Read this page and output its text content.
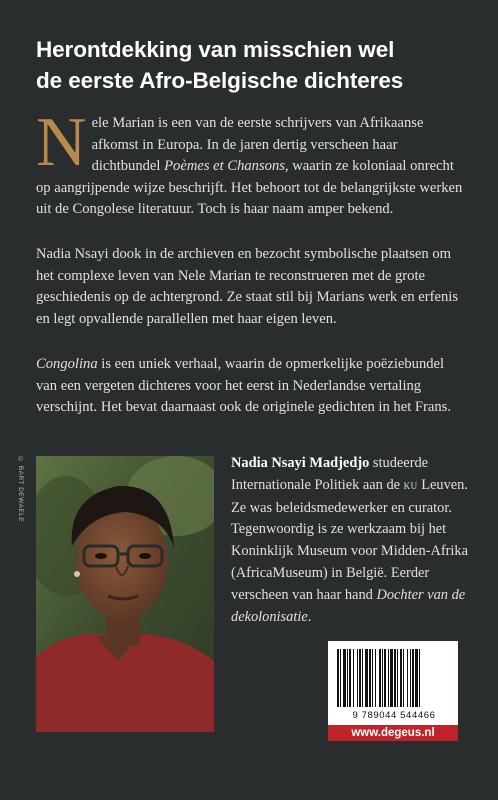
Herontdekking van misschien wel
de eerste Afro-Belgische dichteres
Nele Marian is een van de eerste schrijvers van Afrikaanse afkomst in Europa. In de jaren dertig verscheen haar dichtbundel Poèmes et Chansons, waarin ze koloniaal onrecht op aangrijpende wijze beschrijft. Het behoort tot de belangrijkste werken uit de Congolese literatuur. Toch is haar naam amper bekend.
Nadia Nsayi dook in de archieven en bezocht symbolische plaatsen om het complexe leven van Nele Marian te reconstrueren met de grote geschiedenis op de achtergrond. Ze staat stil bij Marians werk en erfenis en legt opvallende parallellen met haar eigen leven.
Congolina is een uniek verhaal, waarin de opmerkelijke poëziebundel van een vergeten dichteres voor het eerst in Nederlandse vertaling verschijnt. Het bevat daarnaast ook de originele gedichten in het Frans.
© BART DEWAELE	Nadia Nsayi Madjedjo studeerde Internationale Politiek aan de KU Leuven. Ze was beleidsmedewerker en curator. Tegenwoordig is ze werkzaam bij het Koninklijk Museum voor Midden-Afrika (AfricaMuseum) in België. Eerder verscheen van haar hand Dochter van de dekolonisatie.
9 789044 544466
www.degeus.nl
